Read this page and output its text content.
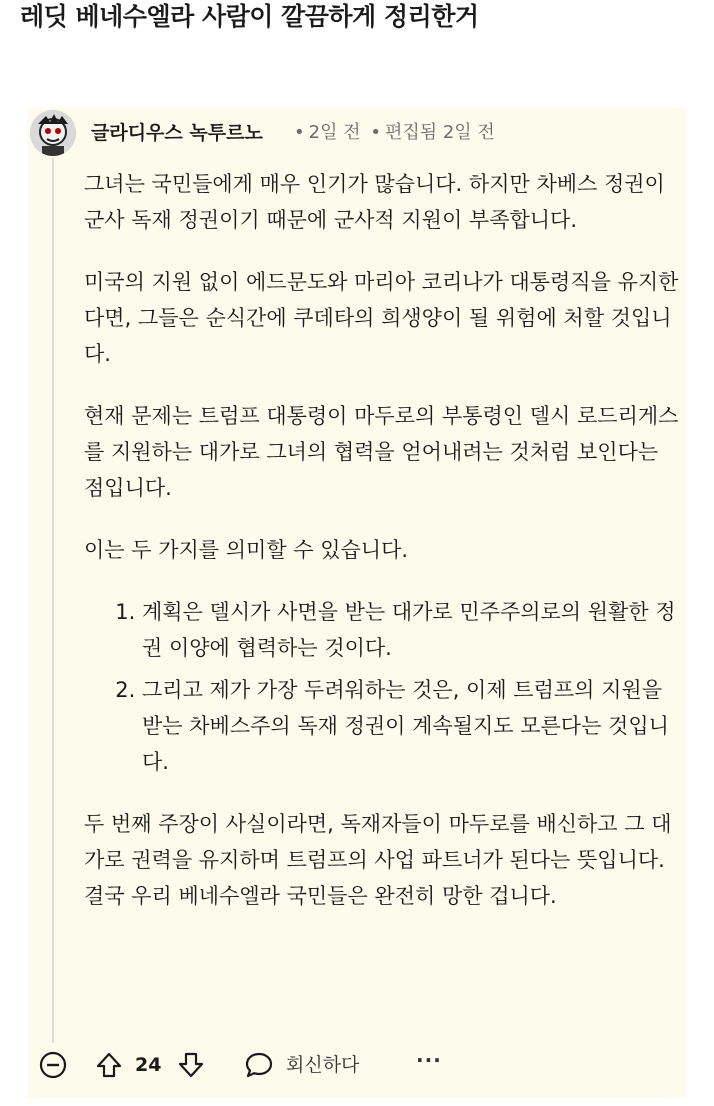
레딧 베네수엘라 사람이 깔끔하게 정리한거
글라디우스 녹투르노 • 2일 전 • 편집됨 2일 전

그녀는 국민들에게 매우 인기가 많습니다. 하지만 차베스 정권이 군사 독재 정권이기 때문에 군사적 지원이 부족합니다.

미국의 지원 없이 에드문도와 마리아 코리나가 대통령직을 유지한다면, 그들은 순식간에 쿠데타의 희생양이 될 위험에 처할 것입니다.

현재 문제는 트럼프 대통령이 마두로의 부통령인 델시 로드리게스를 지원하는 대가로 그녀의 협력을 얻어내려는 것처럼 보인다는 점입니다.

이는 두 가지를 의미할 수 있습니다.

1. 계획은 델시가 사면을 받는 대가로 민주주의로의 원활한 정권 이양에 협력하는 것이다.
2. 그리고 제가 가장 두려워하는 것은, 이제 트럼프의 지원을 받는 차베스주의 독재 정권이 계속될지도 모른다는 것입니다.

두 번째 주장이 사실이라면, 독재자들이 마두로를 배신하고 그 대가로 권력을 유지하며 트럼프의 사업 파트너가 된다는 뜻입니다. 결국 우리 베네수엘라 국민들은 완전히 망한 겁니다.

24	회신하다	···
